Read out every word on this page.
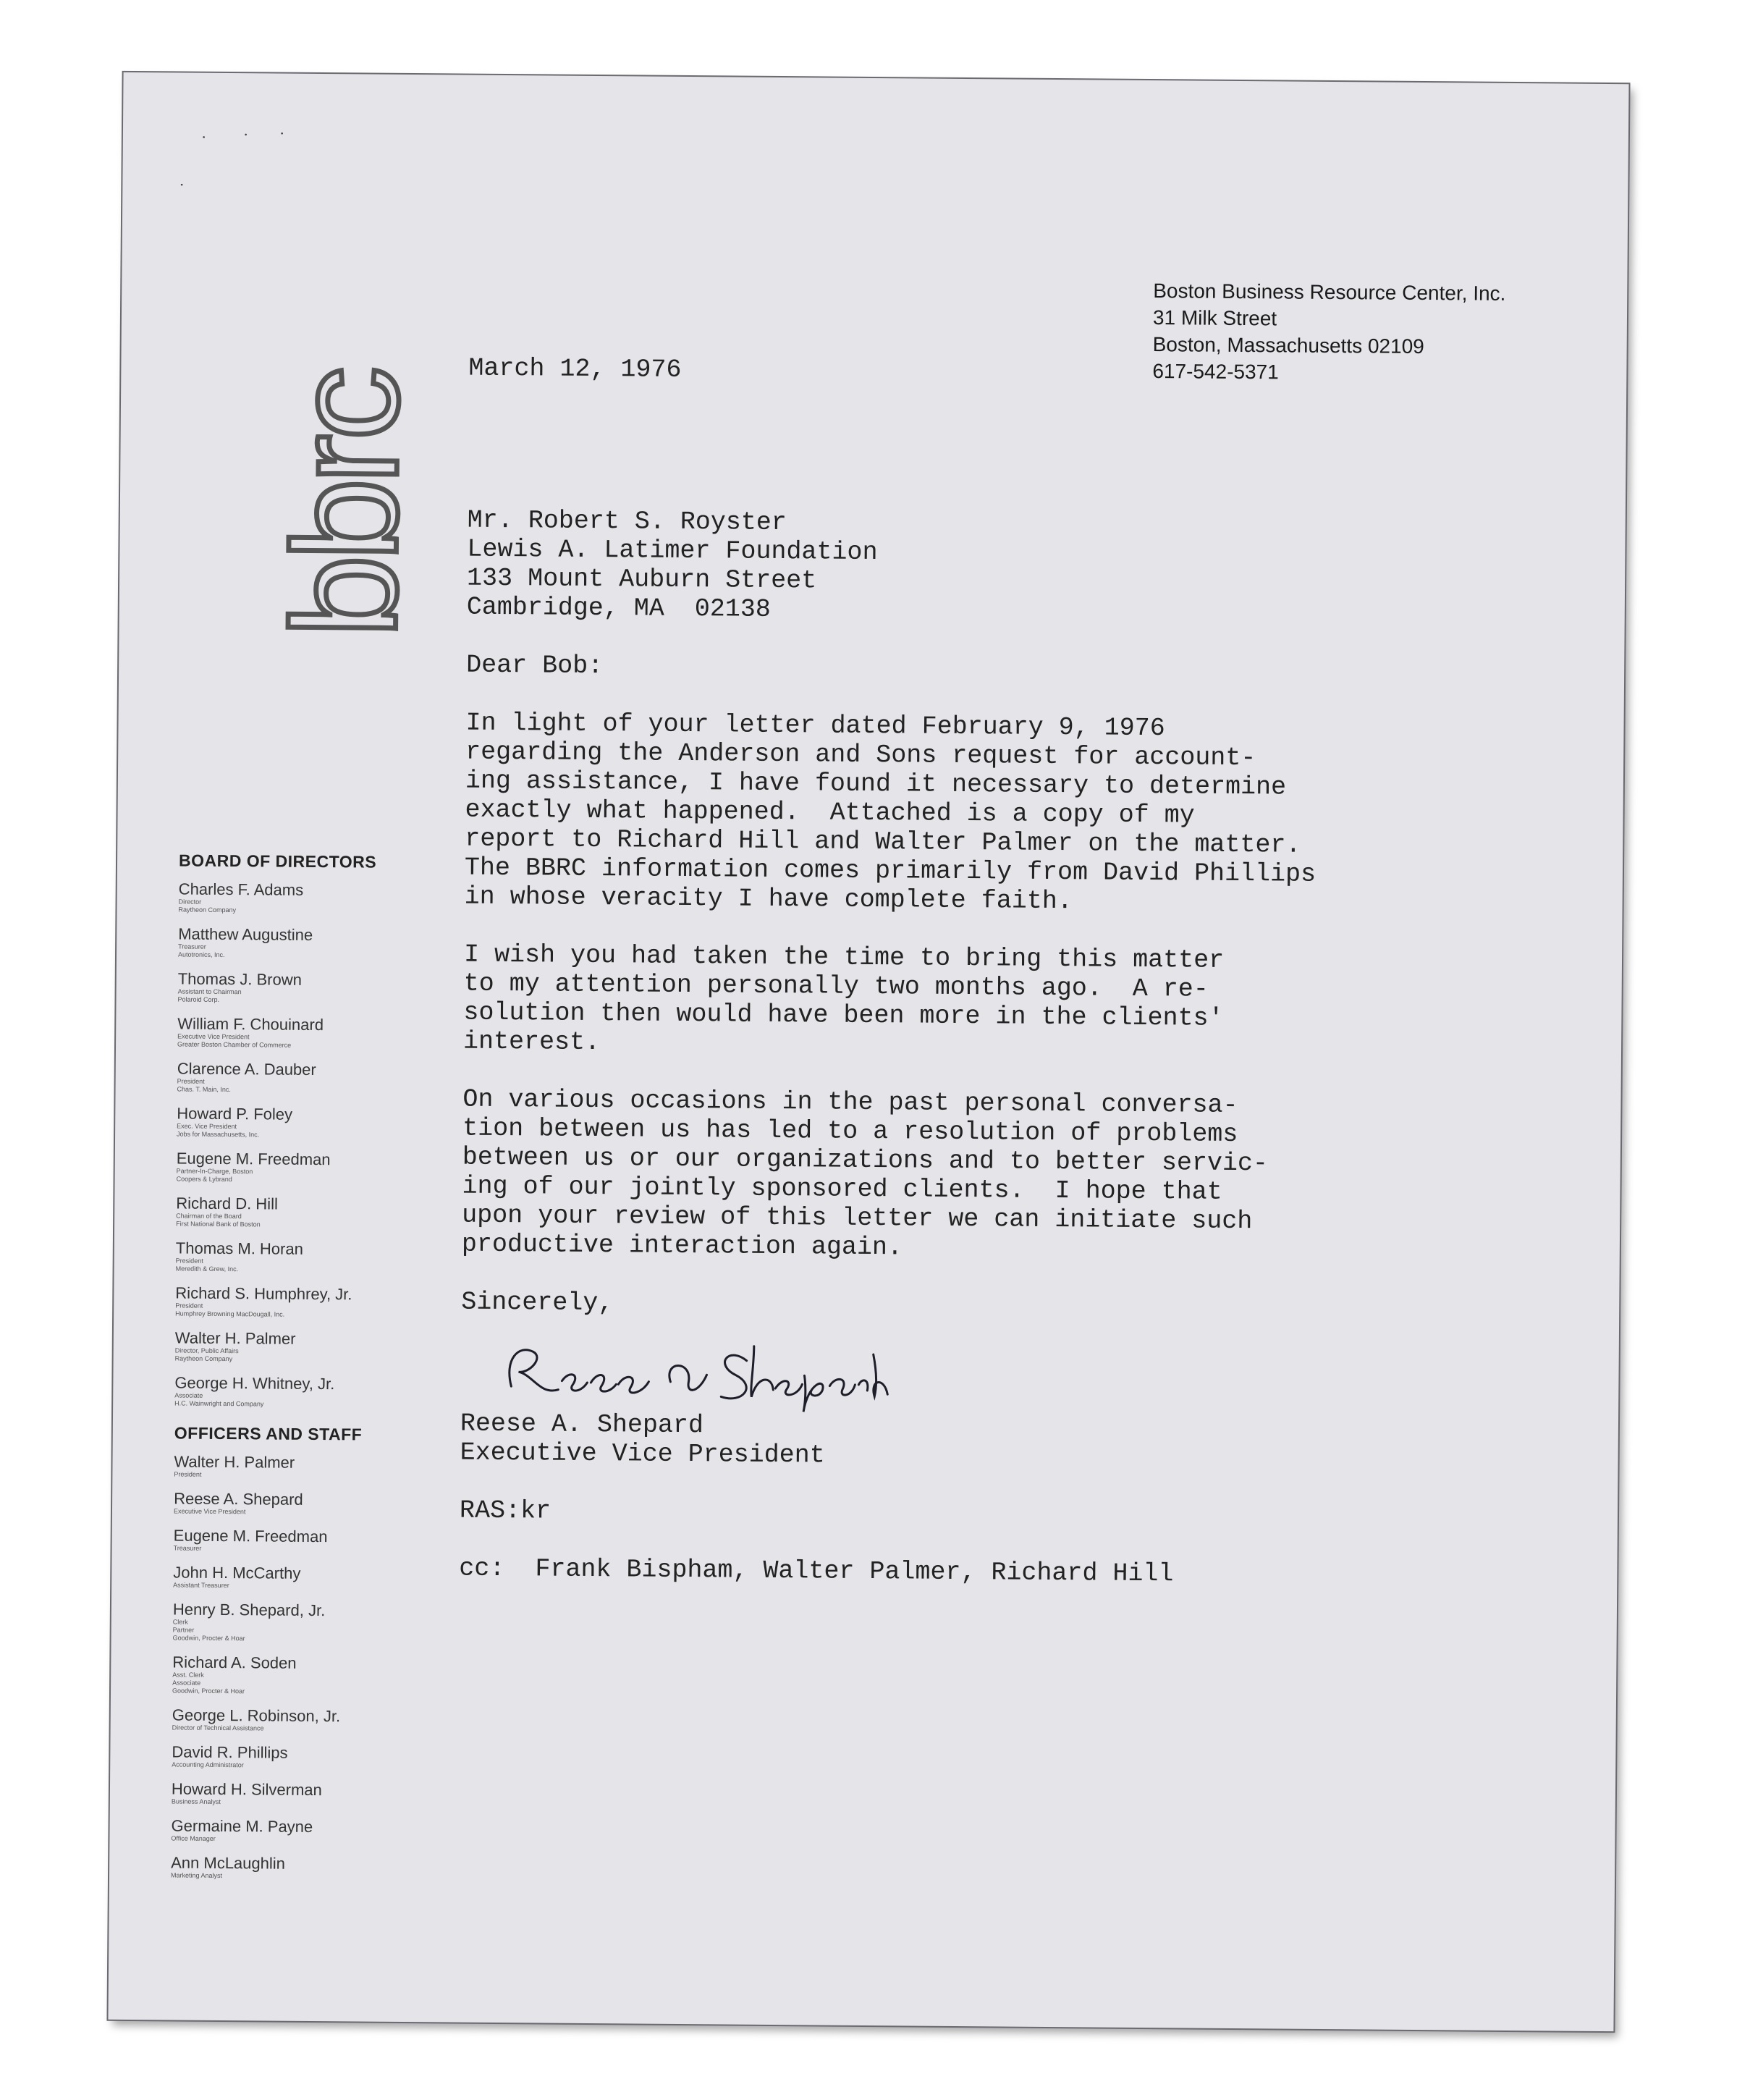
•	•	•
•
bbrc
Boston Business Resource Center, Inc.
31 Milk Street
Boston, Massachusetts 02109
617-542-5371
March 12, 1976
Mr. Robert S. Royster
Lewis A. Latimer Foundation
133 Mount Auburn Street
Cambridge, MA  02138
Dear Bob:
In light of your letter dated February 9, 1976
regarding the Anderson and Sons request for account-
ing assistance, I have found it necessary to determine
exactly what happened.  Attached is a copy of my
report to Richard Hill and Walter Palmer on the matter.
The BBRC information comes primarily from David Phillips
in whose veracity I have complete faith.
I wish you had taken the time to bring this matter
to my attention personally two months ago.  A re-
solution then would have been more in the clients'
interest.
On various occasions in the past personal conversa-
tion between us has led to a resolution of problems
between us or our organizations and to better servic-
ing of our jointly sponsored clients.  I hope that
upon your review of this letter we can initiate such
productive interaction again.
Sincerely,
Reese A. Shepard
Executive Vice President
RAS:kr
cc:  Frank Bispham, Walter Palmer, Richard Hill
BOARD OF DIRECTORS
Charles F. Adams
Director
Raytheon Company
Matthew Augustine
Treasurer
Autotronics, Inc.
Thomas J. Brown
Assistant to Chairman
Polaroid Corp.
William F. Chouinard
Executive Vice President
Greater Boston Chamber of Commerce
Clarence A. Dauber
President
Chas. T. Main, Inc.
Howard P. Foley
Exec. Vice President
Jobs for Massachusetts, Inc.
Eugene M. Freedman
Partner-In-Charge, Boston
Coopers & Lybrand
Richard D. Hill
Chairman of the Board
First National Bank of Boston
Thomas M. Horan
President
Meredith & Grew, Inc.
Richard S. Humphrey, Jr.
President
Humphrey Browning MacDougall, Inc.
Walter H. Palmer
Director, Public Affairs
Raytheon Company
George H. Whitney, Jr.
Associate
H.C. Wainwright and Company
OFFICERS AND STAFF
Walter H. Palmer
President
Reese A. Shepard
Executive Vice President
Eugene M. Freedman
Treasurer
John H. McCarthy
Assistant Treasurer
Henry B. Shepard, Jr.
Clerk
Partner
Goodwin, Procter & Hoar
Richard A. Soden
Asst. Clerk
Associate
Goodwin, Procter & Hoar
George L. Robinson, Jr.
Director of Technical Assistance
David R. Phillips
Accounting Administrator
Howard H. Silverman
Business Analyst
Germaine M. Payne
Office Manager
Ann McLaughlin
Marketing Analyst
